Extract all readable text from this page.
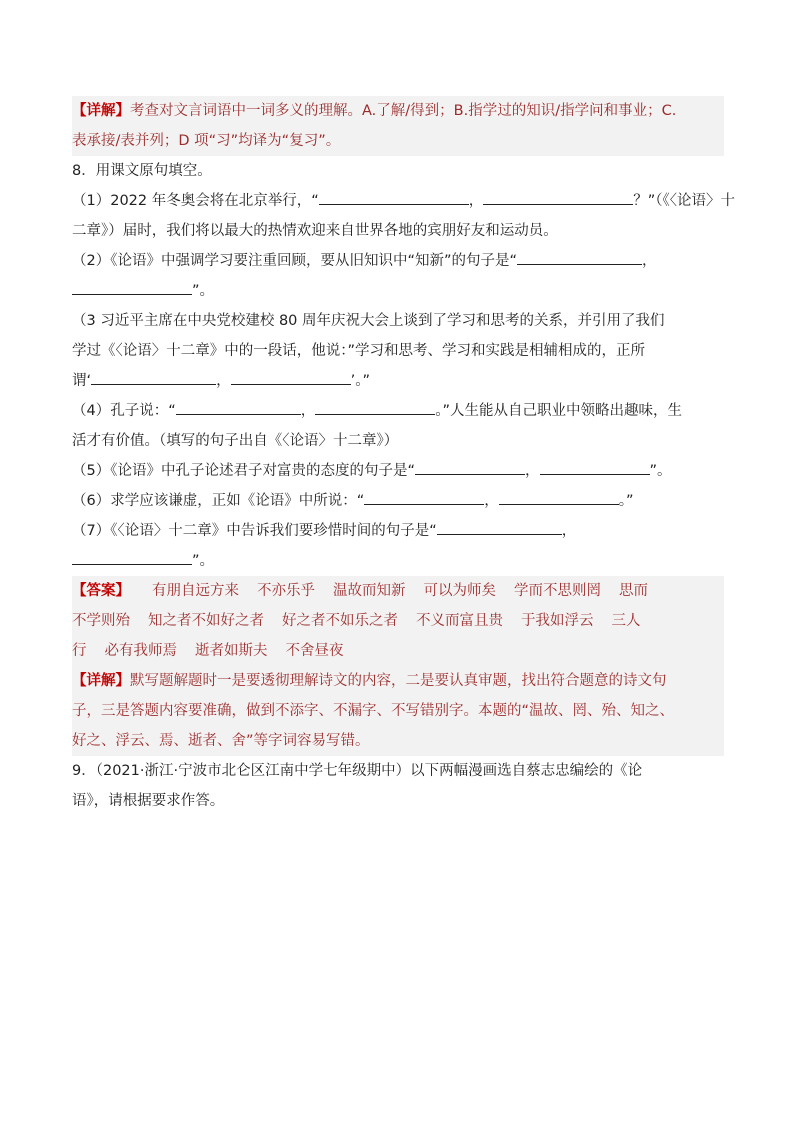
【详解】考查对文言词语中一词多义的理解。A.了解/得到；B.指学过的知识/指学问和事业；C.
表承接/表并列；D 项“习”均译为“复习”。
8．用课文原句填空。
（1）2022 年冬奥会将在北京举行，“	，	？”（《〈论语〉十
二章》）届时，我们将以最大的热情欢迎来自世界各地的宾朋好友和运动员。
（2）《论语》中强调学习要注重回顾，要从旧知识中“知新”的句子是“	，
”。
（3 习近平主席在中央党校建校 80 周年庆祝大会上谈到了学习和思考的关系，并引用了我们
学过《〈论语〉十二章》中的一段话，他说：”学习和思考、学习和实践是相辅相成的，正所
谓‘	，	’。”
（4）孔子说：“	，	。”人生能从自己职业中领略出趣味，生
活才有价值。（填写的句子出自《〈论语〉十二章》）
（5）《论语》中孔子论述君子对富贵的态度的句子是“	，	”。
（6）求学应该谦虚，正如《论语》中所说：“	，	。”
（7）《〈论语〉十二章》中告诉我们要珍惜时间的句子是“	，
”。
【答案】 有朋自远方来 不亦乐乎 温故而知新 可以为师矣 学而不思则罔 思而
不学则殆 知之者不如好之者 好之者不如乐之者 不义而富且贵 于我如浮云 三人
行 必有我师焉 逝者如斯夫 不舍昼夜
【详解】默写题解题时一是要透彻理解诗文的内容，二是要认真审题，找出符合题意的诗文句
子，三是答题内容要准确，做到不添字、不漏字、不写错别字。本题的“温故、罔、殆、知之、
好之、浮云、焉、逝者、舍”等字词容易写错。
9．（2021·浙江·宁波市北仑区江南中学七年级期中）以下两幅漫画选自蔡志忠编绘的《论
语》，请根据要求作答。
